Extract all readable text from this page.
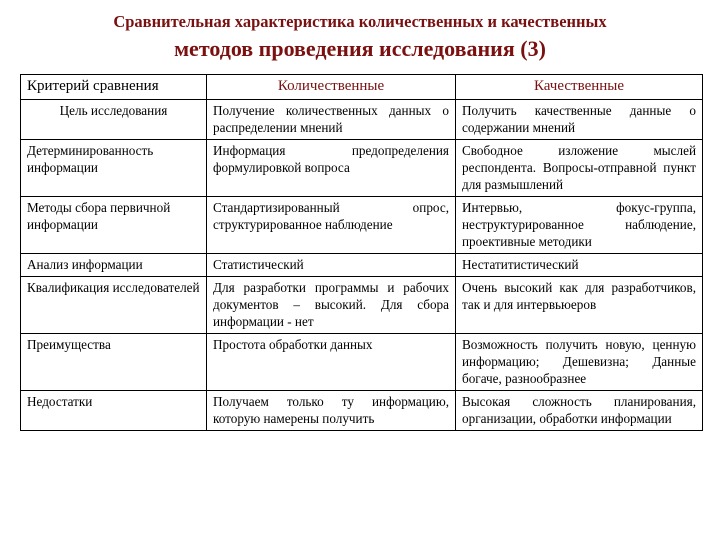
Сравнительная характеристика количественных и качественных
методов проведения исследования (3)
Критерий сравнения	Количественные	Качественные
Цель исследования	Получение количественных данных о распределении мнений	Получить качественные данные о содержании мнений
Детерминированность информации	Информация предопределения формулировкой вопроса	Свободное изложение мыслей респондента. Вопросы-отправной пункт для размышлений
Методы сбора первичной информации	Стандартизированный опрос, структурированное наблюдение	Интервью, фокус-группа, неструктурированное наблюдение, проективные методики
Анализ информации	Статистический	Нестатитистический
Квалификация исследователей	Для разработки программы и рабочих документов – высокий. Для сбора информации - нет	Очень высокий как для разработчиков, так и для интервьюеров
Преимущества	Простота обработки данных	Возможность получить новую, ценную информацию; Дешевизна; Данные богаче, разнообразнее
Недостатки	Получаем только ту информацию, которую намерены получить	Высокая сложность планирования, организации, обработки информации
